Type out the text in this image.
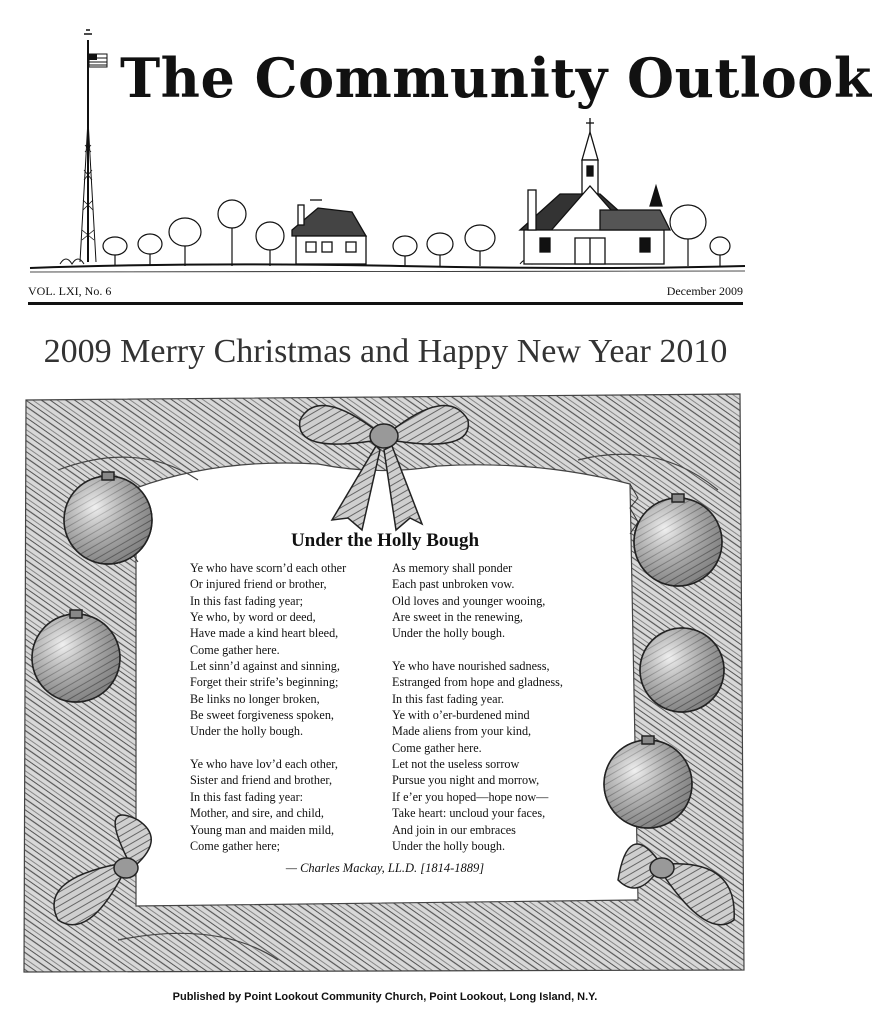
The Community Outlook
VOL. LXI, No. 6	December 2009
2009 Merry Christmas and Happy New Year 2010
Under the Holly Bough
Ye who have scorn’d each other
Or injured friend or brother,
In this fast fading year;
Ye who, by word or deed,
Have made a kind heart bleed,
Come gather here.
Let sinn’d against and sinning,
Forget their strife’s beginning;
Be links no longer broken,
Be sweet forgiveness spoken,
Under the holly bough.
Ye who have lov’d each other,
Sister and friend and brother,
In this fast fading year:
Mother, and sire, and child,
Young man and maiden mild,
Come gather here;
As memory shall ponder
Each past unbroken vow.
Old loves and younger wooing,
Are sweet in the renewing,
Under the holly bough.
Ye who have nourished sadness,
Estranged from hope and gladness,
In this fast fading year.
Ye with o’er-burdened mind
Made aliens from your kind,
Come gather here.
Let not the useless sorrow
Pursue you night and morrow,
If e’er you hoped—hope now—
Take heart: uncloud your faces,
And join in our embraces
Under the holly bough.
— Charles Mackay, LL.D. [1814-1889]
Published by Point Lookout Community Church, Point Lookout, Long Island, N.Y.
